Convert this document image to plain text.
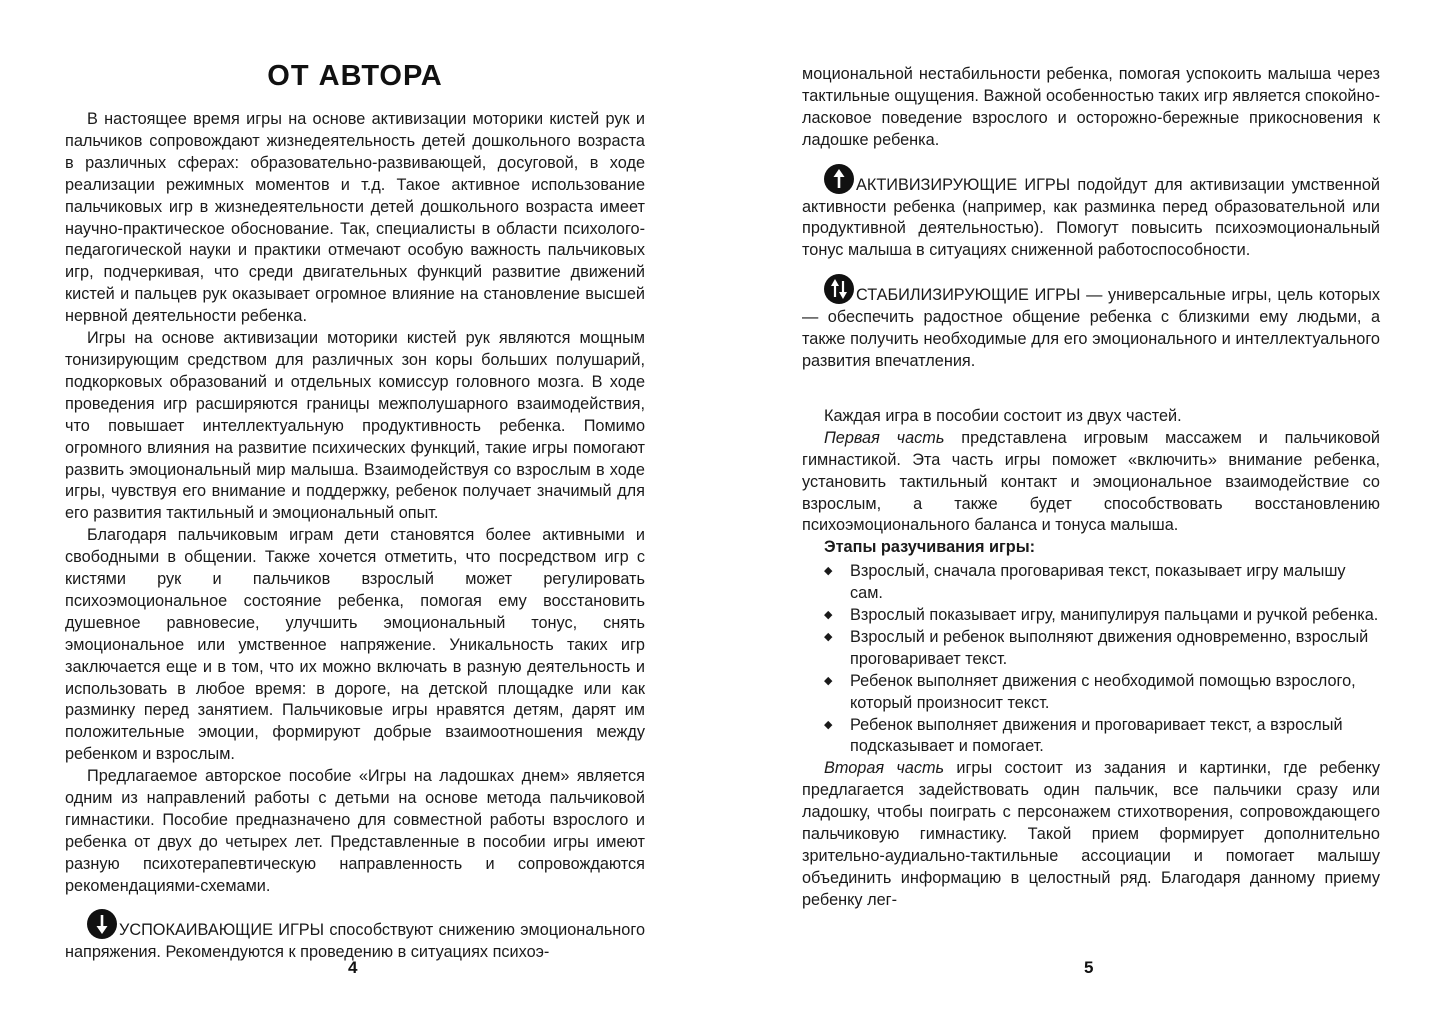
ОТ АВТОРА

В настоящее время игры на основе активизации моторики кистей рук и пальчиков сопровождают жизнедеятельность детей дошкольного возраста в различных сферах: образовательно-развивающей, досуговой, в ходе реализации режимных моментов и т.д. Такое активное использование пальчиковых игр в жизнедеятельности детей дошкольного возраста имеет научно-практическое обоснование. Так, специалисты в области психолого-педагогической науки и практики отмечают особую важность пальчиковых игр, подчеркивая, что среди двигательных функций развитие движений кистей и пальцев рук оказывает огромное влияние на становление высшей нервной деятельности ребенка.

Игры на основе активизации моторики кистей рук являются мощным тонизирующим средством для различных зон коры больших полушарий, подкорковых образований и отдельных комиссур головного мозга. В ходе проведения игр расширяются границы межполушарного взаимодействия, что повышает интеллектуальную продуктивность ребенка. Помимо огромного влияния на развитие психических функций, такие игры помогают развить эмоциональный мир малыша. Взаимодействуя со взрослым в ходе игры, чувствуя его внимание и поддержку, ребенок получает значимый для его развития тактильный и эмоциональный опыт.

Благодаря пальчиковым играм дети становятся более активными и свободными в общении. Также хочется отметить, что посредством игр с кистями рук и пальчиков взрослый может регулировать психоэмоциональное состояние ребенка, помогая ему восстановить душевное равновесие, улучшить эмоциональный тонус, снять эмоциональное или умственное напряжение. Уникальность таких игр заключается еще и в том, что их можно включать в разную деятельность и использовать в любое время: в дороге, на детской площадке или как разминку перед занятием. Пальчиковые игры нравятся детям, дарят им положительные эмоции, формируют добрые взаимоотношения между ребенком и взрослым.

Предлагаемое авторское пособие «Игры на ладошках днем» является одним из направлений работы с детьми на основе метода пальчиковой гимнастики. Пособие предназначено для совместной работы взрослого и ребенка от двух до четырех лет. Представленные в пособии игры имеют разную психотерапевтическую направленность и сопровождаются рекомендациями-схемами.

УСПОКАИВАЮЩИЕ ИГРЫ способствуют снижению эмоционального напряжения. Рекомендуются к проведению в ситуациях психоэ-

4

моциональной нестабильности ребенка, помогая успокоить малыша через тактильные ощущения. Важной особенностью таких игр является спокойно-ласковое поведение взрослого и осторожно-бережные прикосновения к ладошке ребенка.

АКТИВИЗИРУЮЩИЕ ИГРЫ подойдут для активизации умственной активности ребенка (например, как разминка перед образовательной или продуктивной деятельностью). Помогут повысить психоэмоциональный тонус малыша в ситуациях сниженной работоспособности.

СТАБИЛИЗИРУЮЩИЕ ИГРЫ — универсальные игры, цель которых — обеспечить радостное общение ребенка с близкими ему людьми, а также получить необходимые для его эмоционального и интеллектуального развития впечатления.

Каждая игра в пособии состоит из двух частей.

Первая часть представлена игровым массажем и пальчиковой гимнастикой. Эта часть игры поможет «включить» внимание ребенка, установить тактильный контакт и эмоциональное взаимодействие со взрослым, а также будет способствовать восстановлению психоэмоционального баланса и тонуса малыша.

Этапы разучивания игры:

◆ Взрослый, сначала проговаривая текст, показывает игру малышу сам.
◆ Взрослый показывает игру, манипулируя пальцами и ручкой ребенка.
◆ Взрослый и ребенок выполняют движения одновременно, взрослый проговаривает текст.
◆ Ребенок выполняет движения с необходимой помощью взрослого, который произносит текст.
◆ Ребенок выполняет движения и проговаривает текст, а взрослый подсказывает и помогает.

Вторая часть игры состоит из задания и картинки, где ребенку предлагается задействовать один пальчик, все пальчики сразу или ладошку, чтобы поиграть с персонажем стихотворения, сопровождающего пальчиковую гимнастику. Такой прием формирует дополнительно зрительно-аудиально-тактильные ассоциации и помогает малышу объединить информацию в целостный ряд. Благодаря данному приему ребенку лег-

5
